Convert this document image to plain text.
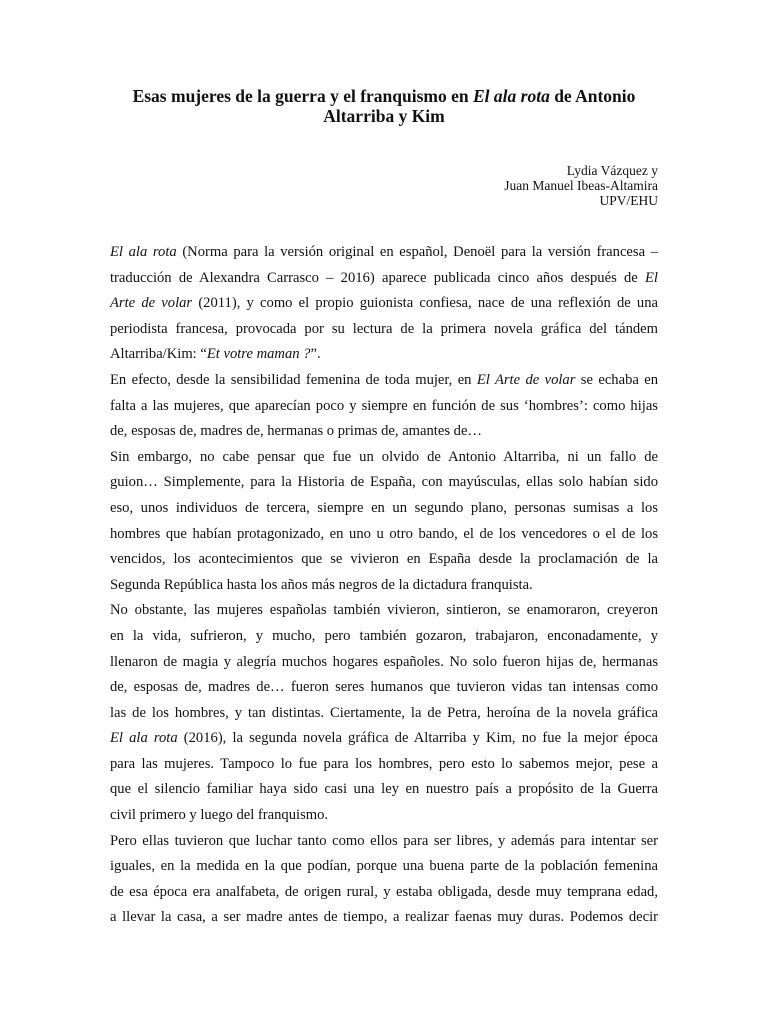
Esas mujeres de la guerra y el franquismo en El ala rota de Antonio Altarriba y Kim
Lydia Vázquez y
Juan Manuel Ibeas-Altamira
UPV/EHU

El ala rota (Norma para la versión original en español, Denoël para la versión francesa –
traducción de Alexandra Carrasco – 2016) aparece publicada cinco años después de El
Arte de volar (2011), y como el propio guionista confiesa, nace de una reflexión de una
periodista francesa, provocada por su lectura de la primera novela gráfica del tándem
Altarriba/Kim: “Et votre maman ?”.

En efecto, desde la sensibilidad femenina de toda mujer, en El Arte de volar se echaba en
falta a las mujeres, que aparecían poco y siempre en función de sus ‘hombres’: como hijas
de, esposas de, madres de, hermanas o primas de, amantes de…

Sin embargo, no cabe pensar que fue un olvido de Antonio Altarriba, ni un fallo de
guion… Simplemente, para la Historia de España, con mayúsculas, ellas solo habían sido
eso, unos individuos de tercera, siempre en un segundo plano, personas sumisas a los
hombres que habían protagonizado, en uno u otro bando, el de los vencedores o el de los
vencidos, los acontecimientos que se vivieron en España desde la proclamación de la
Segunda República hasta los años más negros de la dictadura franquista.

No obstante, las mujeres españolas también vivieron, sintieron, se enamoraron, creyeron
en la vida, sufrieron, y mucho, pero también gozaron, trabajaron, enconadamente, y
llenaron de magia y alegría muchos hogares españoles. No solo fueron hijas de, hermanas
de, esposas de, madres de… fueron seres humanos que tuvieron vidas tan intensas como
las de los hombres, y tan distintas. Ciertamente, la de Petra, heroína de la novela gráfica
El ala rota (2016), la segunda novela gráfica de Altarriba y Kim, no fue la mejor época
para las mujeres. Tampoco lo fue para los hombres, pero esto lo sabemos mejor, pese a
que el silencio familiar haya sido casi una ley en nuestro país a propósito de la Guerra
civil primero y luego del franquismo.

Pero ellas tuvieron que luchar tanto como ellos para ser libres, y además para intentar ser
iguales, en la medida en la que podían, porque una buena parte de la población femenina
de esa época era analfabeta, de origen rural, y estaba obligada, desde muy temprana edad,
a llevar la casa, a ser madre antes de tiempo, a realizar faenas muy duras. Podemos decir
